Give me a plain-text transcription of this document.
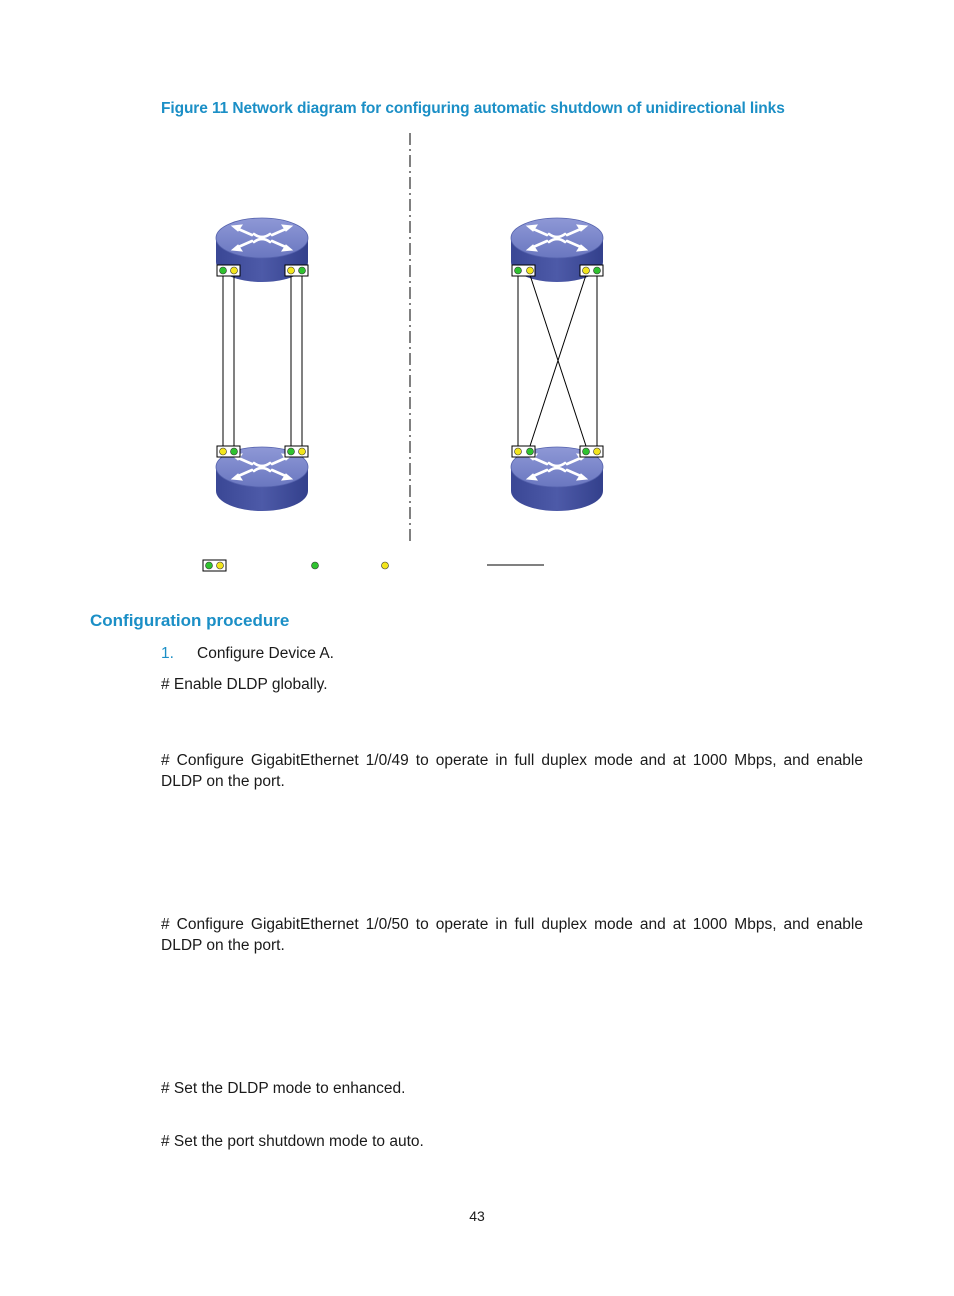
Figure 11 Network diagram for configuring automatic shutdown of unidirectional links
Configuration procedure
1. Configure Device A.
# Enable DLDP globally.
# Configure GigabitEthernet 1/0/49 to operate in full duplex mode and at 1000 Mbps, and enable DLDP on the port.
# Configure GigabitEthernet 1/0/50 to operate in full duplex mode and at 1000 Mbps, and enable DLDP on the port.
# Set the DLDP mode to enhanced.
# Set the port shutdown mode to auto.
43
